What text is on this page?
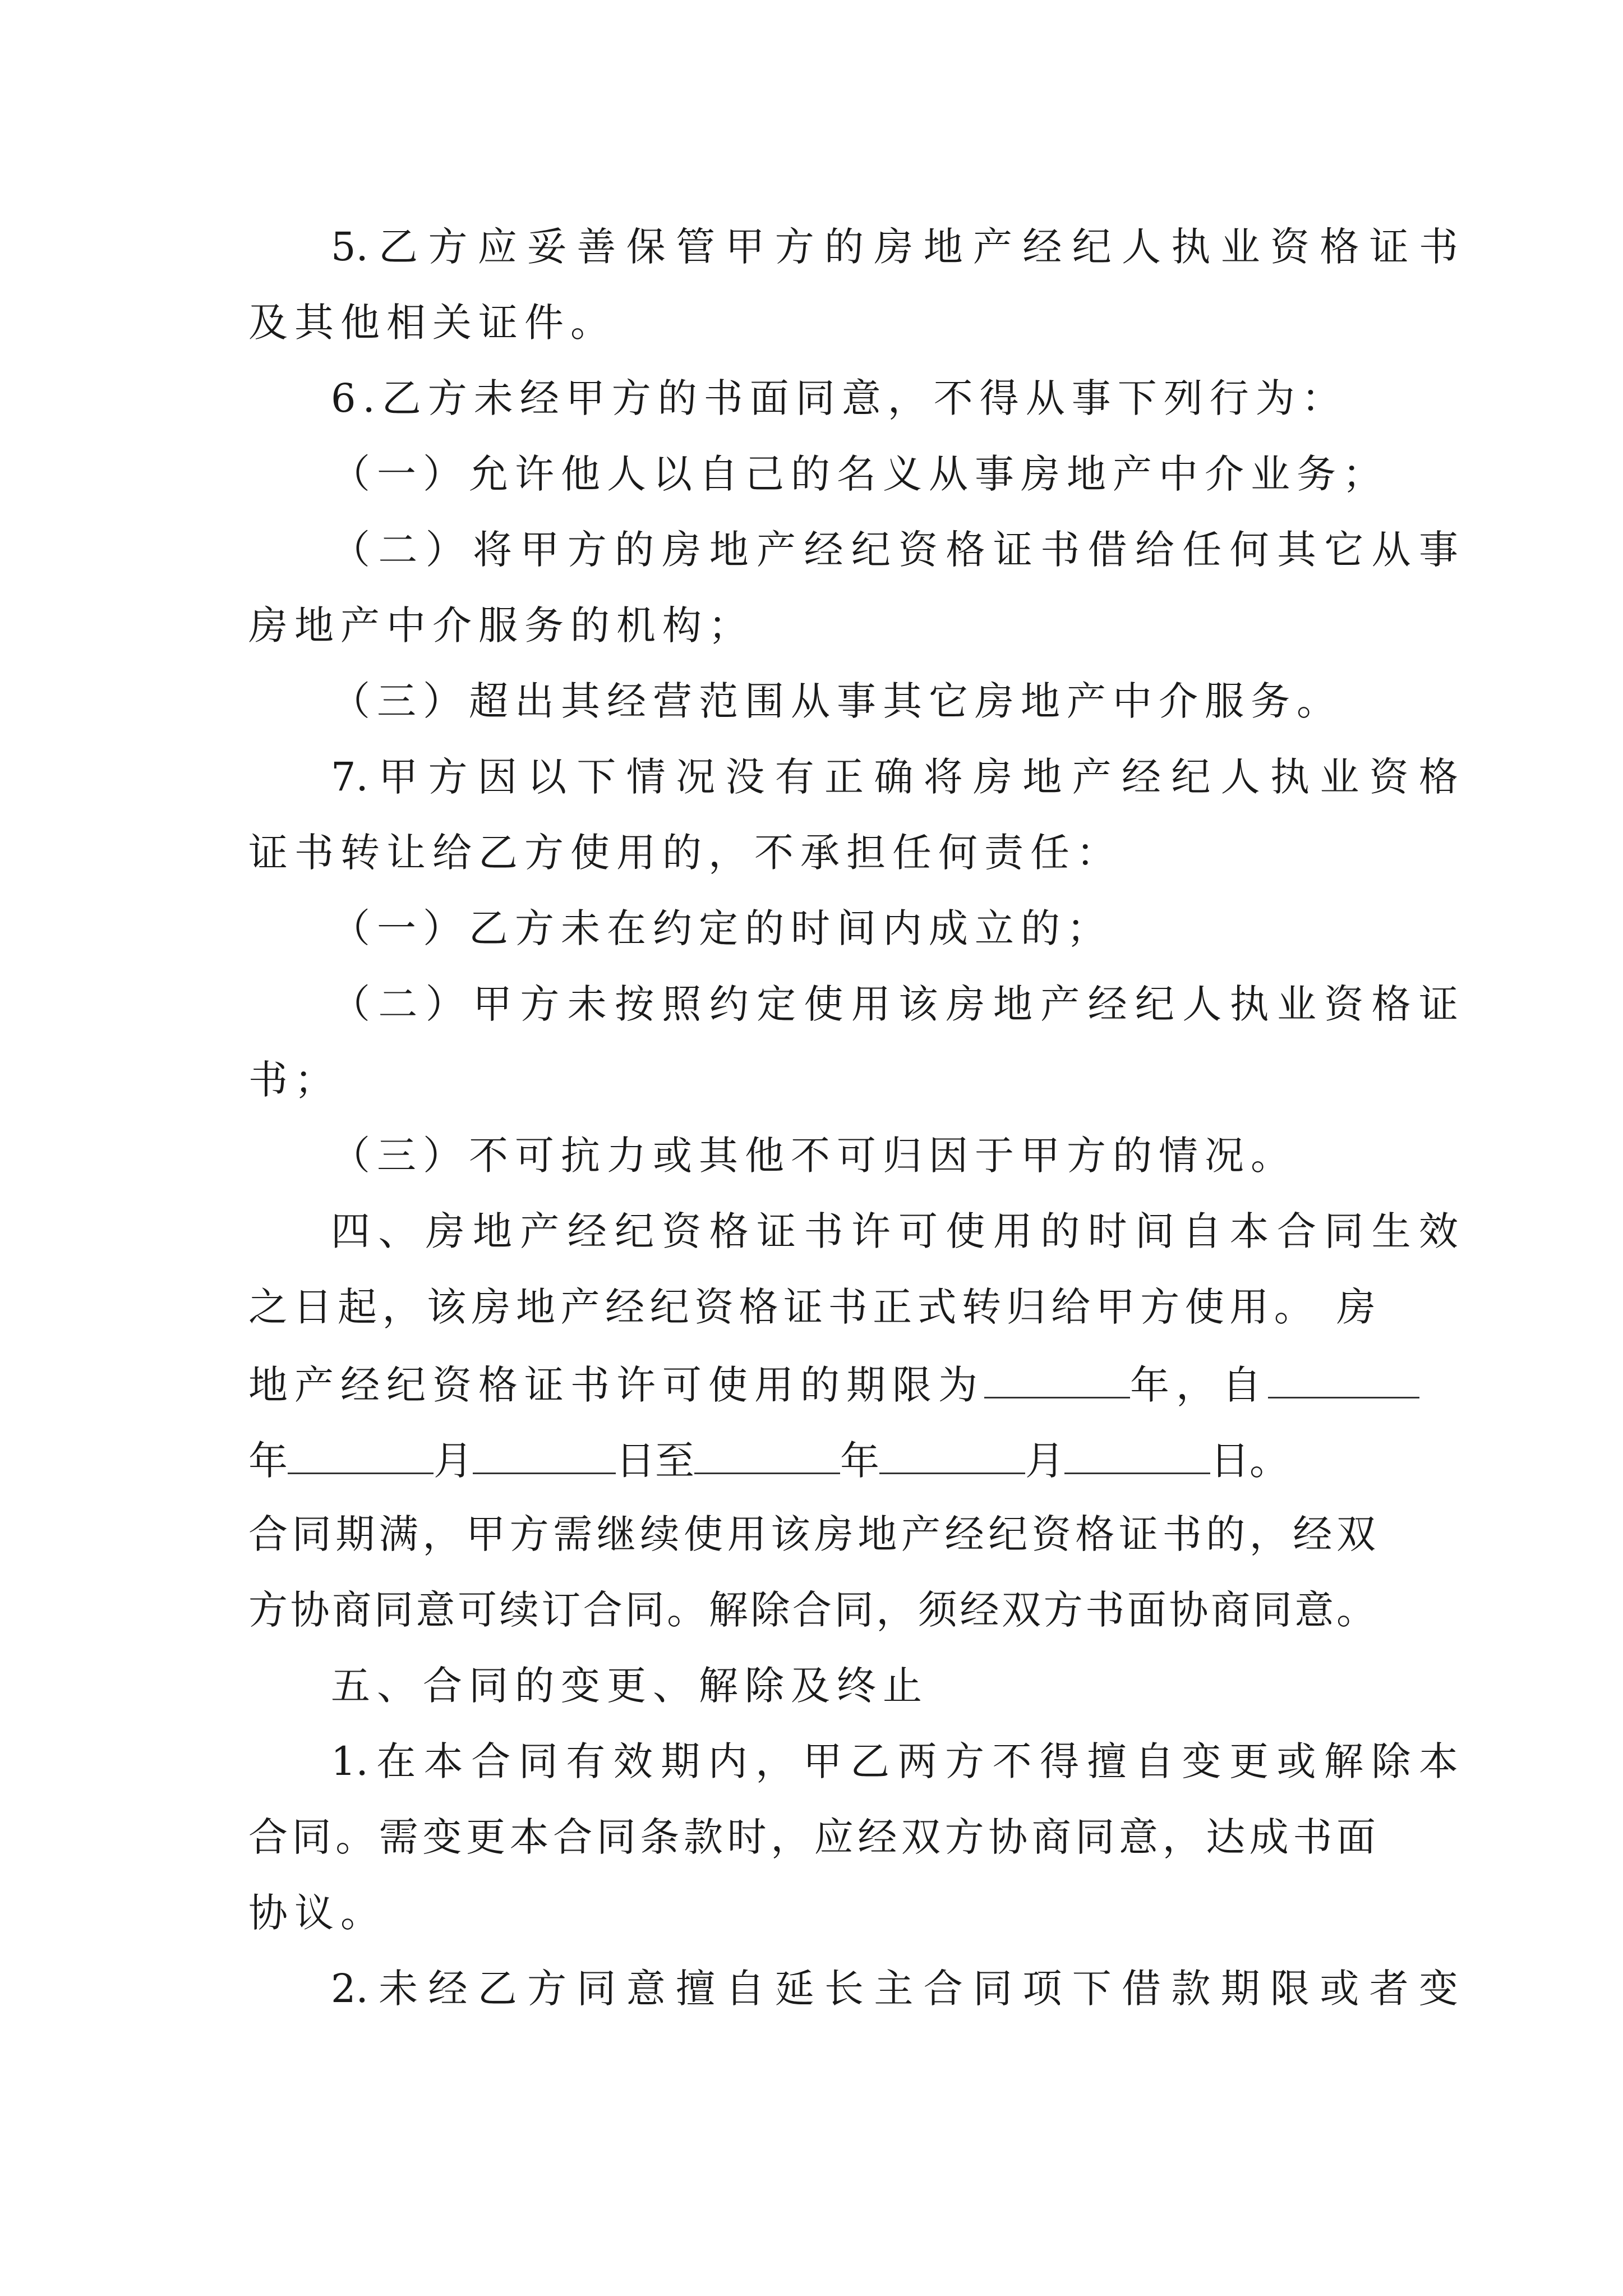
5.乙方应妥善保管甲方的房地产经纪人执业资格证书
及其他相关证件。
6.乙方未经甲方的书面同意，不得从事下列行为：
（一）允许他人以自己的名义从事房地产中介业务；
（二）将甲方的房地产经纪资格证书借给任何其它从事
房地产中介服务的机构；
（三）超出其经营范围从事其它房地产中介服务。
7.甲方因以下情况没有正确将房地产经纪人执业资格
证书转让给乙方使用的，不承担任何责任：
（一）乙方未在约定的时间内成立的；
（二）甲方未按照约定使用该房地产经纪人执业资格证
书；
（三）不可抗力或其他不可归因于甲方的情况。
四、房地产经纪资格证书许可使用的时间自本合同生效
之日起，该房地产经纪资格证书正式转归给甲方使用。 房
地产经纪资格证书许可使用的期限为	年，自
年	月	日至	年	月	日。
合同期满，甲方需继续使用该房地产经纪资格证书的，经双
方协商同意可续订合同。解除合同，须经双方书面协商同意。
五、合同的变更、解除及终止
1.在本合同有效期内，甲乙两方不得擅自变更或解除本
合同。需变更本合同条款时，应经双方协商同意，达成书面
协议。
2.未经乙方同意擅自延长主合同项下借款期限或者变
